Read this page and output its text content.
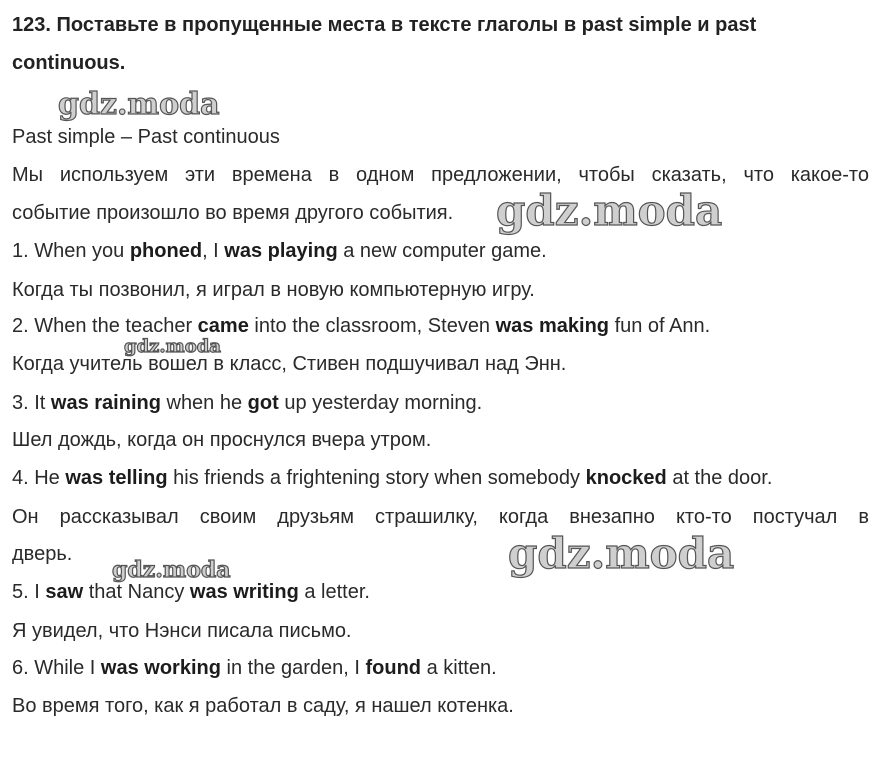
123. Поставьте в пропущенные места в тексте глаголы в past simple и past continuous.
gdz.moda
Past simple – Past continuous
Мы используем эти времена в одном предложении, чтобы сказать, что какое-то
событие произошло во время другого события. gdz.moda
1. When you phoned, I was playing a new computer game.
Когда ты позвонил, я играл в новую компьютерную игру.
2. When the teacher came into the classroom, Steven was making fun of Ann.
Когда учитель вошел в класс, Стивен подшучивал над Энн.
gdz.moda
3. It was raining when he got up yesterday morning.
Шел дождь, когда он проснулся вчера утром.
4. He was telling his friends a frightening story when somebody knocked at the door.
Он рассказывал своим друзьям страшилку, когда внезапно кто-то постучал в
дверь.	gdz.moda
gdz.moda
5. I saw that Nancy was writing a letter.
Я увидел, что Нэнси писала письмо.
6. While I was working in the garden, I found a kitten.
Во время того, как я работал в саду, я нашел котенка.
